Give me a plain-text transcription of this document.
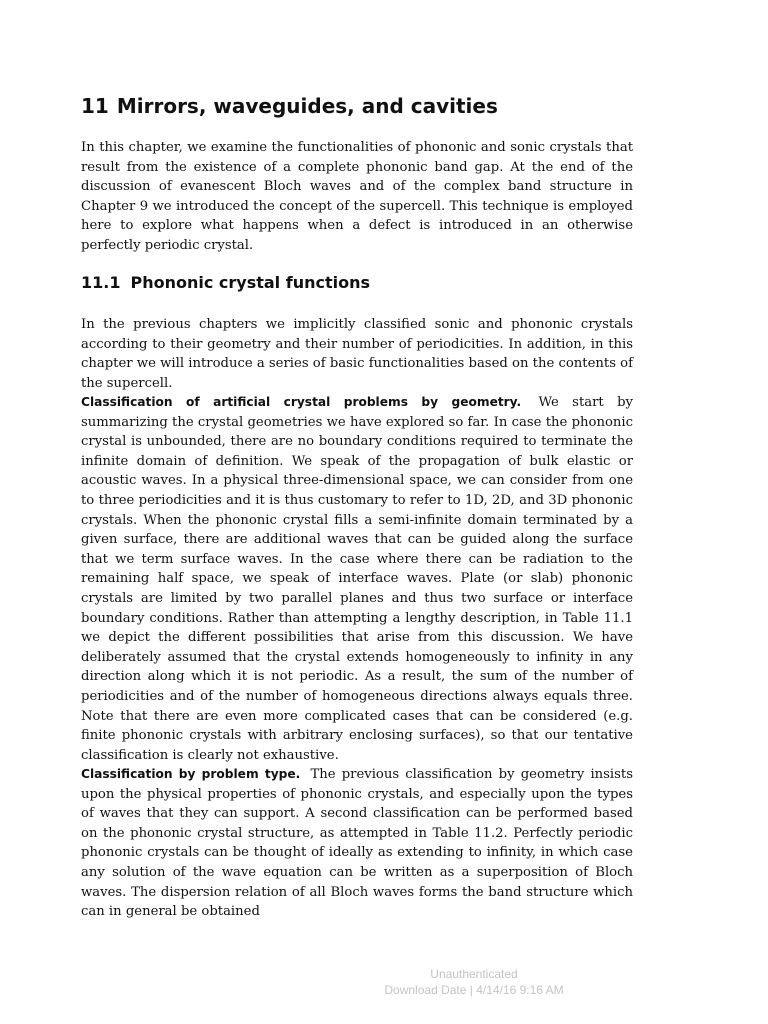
11 Mirrors, waveguides, and cavities

In this chapter, we examine the functionalities of phononic and sonic crystals that result from the existence of a complete phononic band gap. At the end of the discussion of evanescent Bloch waves and of the complex band structure in Chapter 9 we introduced the concept of the supercell. This technique is employed here to explore what happens when a defect is introduced in an otherwise perfectly periodic crystal.

11.1 Phononic crystal functions

In the previous chapters we implicitly classified sonic and phononic crystals according to their geometry and their number of periodicities. In addition, in this chapter we will introduce a series of basic functionalities based on the contents of the supercell.

Classification of artificial crystal problems by geometry. We start by summarizing the crystal geometries we have explored so far. In case the phononic crystal is unbounded, there are no boundary conditions required to terminate the infinite domain of definition. We speak of the propagation of bulk elastic or acoustic waves. In a physical three-dimensional space, we can consider from one to three periodicities and it is thus customary to refer to 1D, 2D, and 3D phononic crystals. When the phononic crystal fills a semi-infinite domain terminated by a given surface, there are additional waves that can be guided along the surface that we term surface waves. In the case where there can be radiation to the remaining half space, we speak of interface waves. Plate (or slab) phononic crystals are limited by two parallel planes and thus two surface or interface boundary conditions. Rather than attempting a lengthy description, in Table 11.1 we depict the different possibilities that arise from this discussion. We have deliberately assumed that the crystal extends homogeneously to infinity in any direction along which it is not periodic. As a result, the sum of the number of periodicities and of the number of homogeneous directions always equals three. Note that there are even more complicated cases that can be considered (e.g. finite phononic crystals with arbitrary enclosing surfaces), so that our tentative classification is clearly not exhaustive.

Classification by problem type. The previous classification by geometry insists upon the physical properties of phononic crystals, and especially upon the types of waves that they can support. A second classification can be performed based on the phononic crystal structure, as attempted in Table 11.2. Perfectly periodic phononic crystals can be thought of ideally as extending to infinity, in which case any solution of the wave equation can be written as a superposition of Bloch waves. The dispersion relation of all Bloch waves forms the band structure which can in general be obtained

Unauthenticated
Download Date | 4/14/16 9:16 AM
